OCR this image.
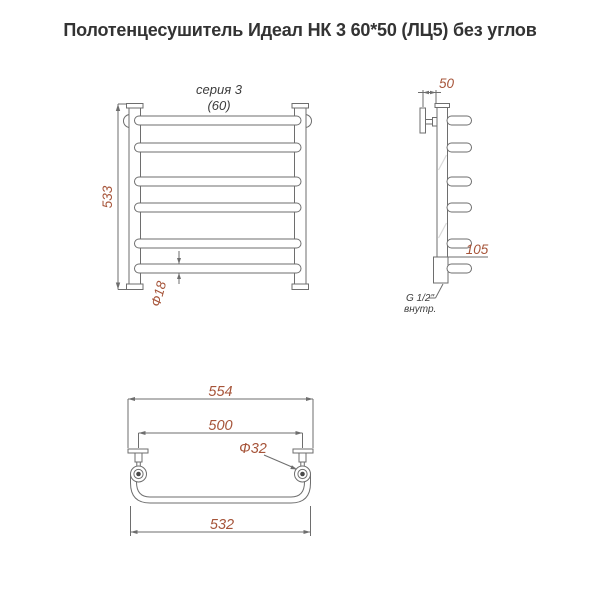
Полотенцесушитель Идеал НК 3 60*50 (ЛЦ5) без углов
533
Ф18
серия 3
(60)
50
105
G 1/2"
внутр.
554
500
Ф32
532
